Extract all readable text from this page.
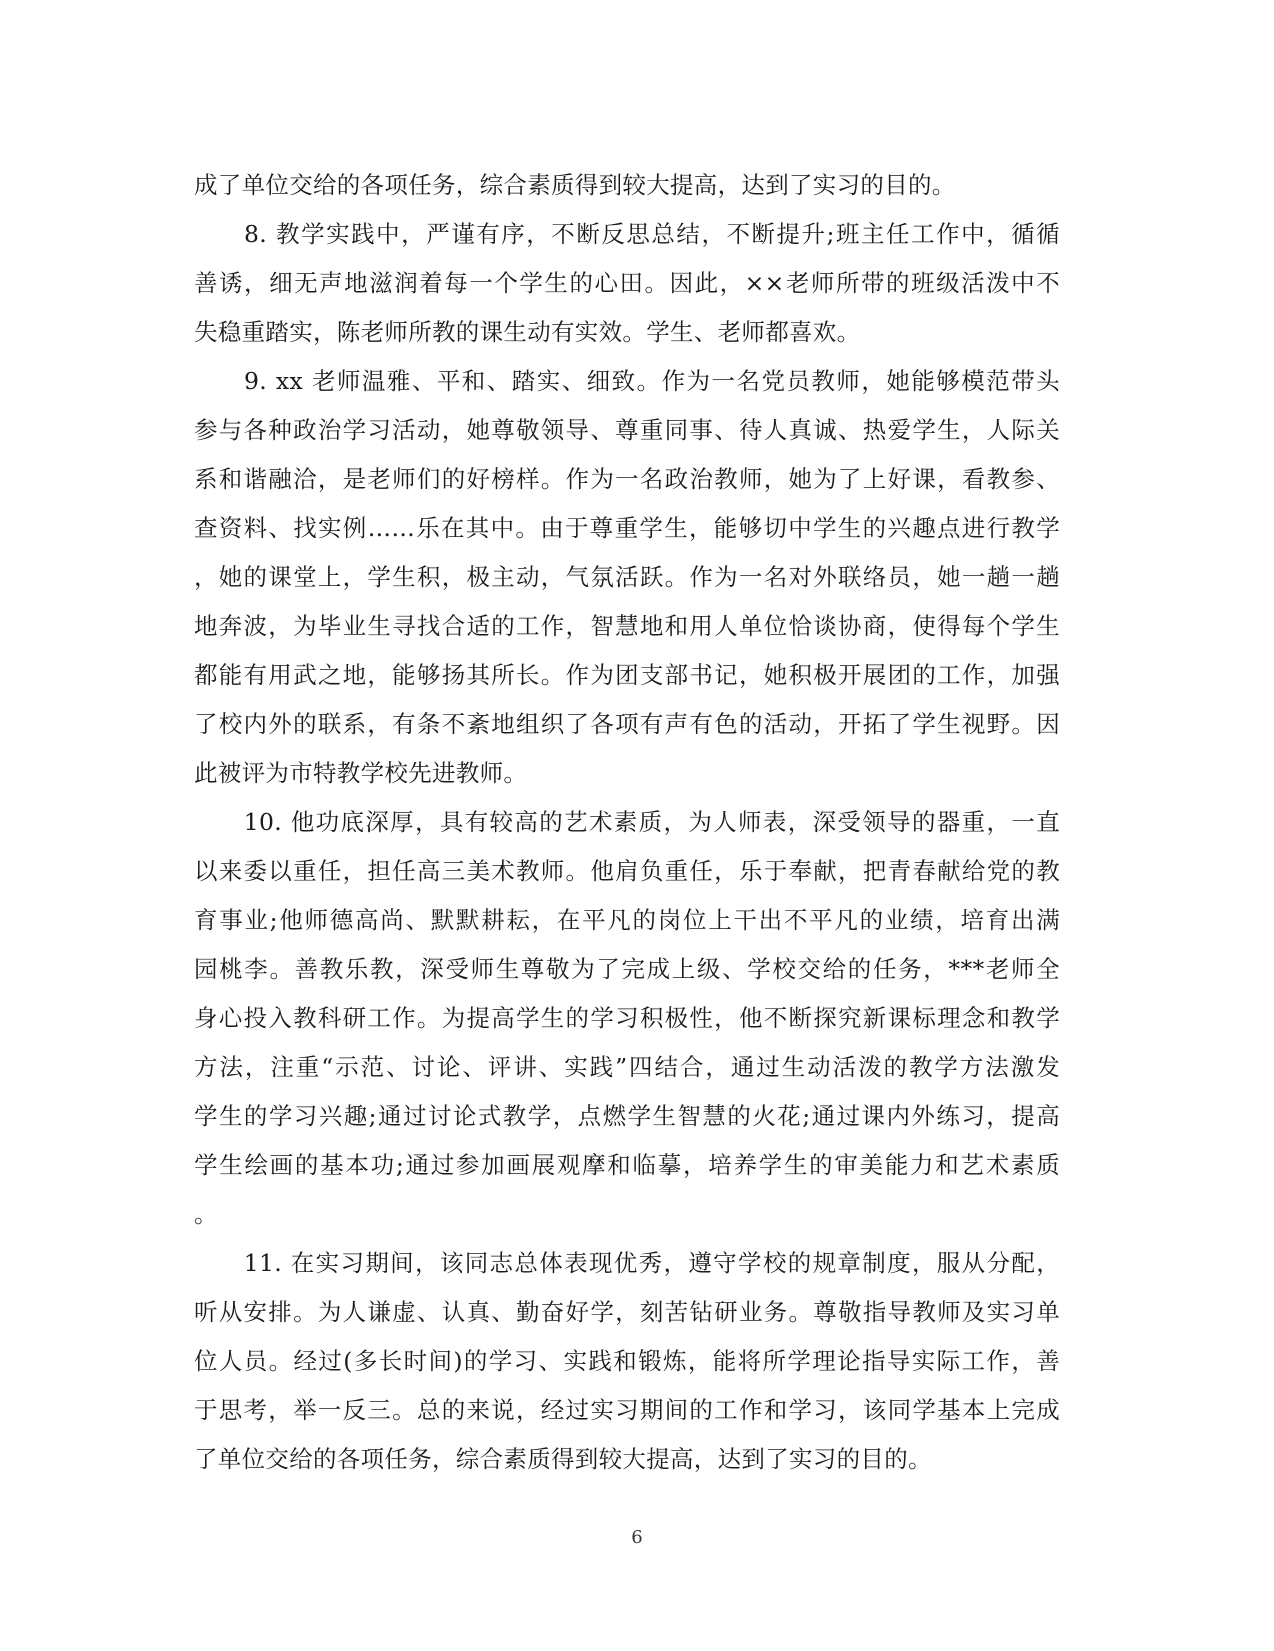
成了单位交给的各项任务，综合素质得到较大提高，达到了实习的目的。
　　8. 教学实践中，严谨有序，不断反思总结，不断提升;班主任工作中，循循
善诱，细无声地滋润着每一个学生的心田。因此，××老师所带的班级活泼中不
失稳重踏实，陈老师所教的课生动有实效。学生、老师都喜欢。
　　9. xx 老师温雅、平和、踏实、细致。作为一名党员教师，她能够模范带头
参与各种政治学习活动，她尊敬领导、尊重同事、待人真诚、热爱学生，人际关
系和谐融洽，是老师们的好榜样。作为一名政治教师，她为了上好课，看教参、
查资料、找实例……乐在其中。由于尊重学生，能够切中学生的兴趣点进行教学
，她的课堂上，学生积，极主动，气氛活跃。作为一名对外联络员，她一趟一趟
地奔波，为毕业生寻找合适的工作，智慧地和用人单位恰谈协商，使得每个学生
都能有用武之地，能够扬其所长。作为团支部书记，她积极开展团的工作，加强
了校内外的联系，有条不紊地组织了各项有声有色的活动，开拓了学生视野。因
此被评为市特教学校先进教师。
　　10. 他功底深厚，具有较高的艺术素质，为人师表，深受领导的器重，一直
以来委以重任，担任高三美术教师。他肩负重任，乐于奉献，把青春献给党的教
育事业;他师德高尚、默默耕耘，在平凡的岗位上干出不平凡的业绩，培育出满
园桃李。善教乐教，深受师生尊敬为了完成上级、学校交给的任务，***老师全
身心投入教科研工作。为提高学生的学习积极性，他不断探究新课标理念和教学
方法，注重“示范、讨论、评讲、实践”四结合，通过生动活泼的教学方法激发
学生的学习兴趣;通过讨论式教学，点燃学生智慧的火花;通过课内外练习，提高
学生绘画的基本功;通过参加画展观摩和临摹，培养学生的审美能力和艺术素质
。
　　11. 在实习期间，该同志总体表现优秀，遵守学校的规章制度，服从分配，
听从安排。为人谦虚、认真、勤奋好学，刻苦钻研业务。尊敬指导教师及实习单
位人员。经过(多长时间)的学习、实践和锻炼，能将所学理论指导实际工作，善
于思考，举一反三。总的来说，经过实习期间的工作和学习，该同学基本上完成
了单位交给的各项任务，综合素质得到较大提高，达到了实习的目的。
6
